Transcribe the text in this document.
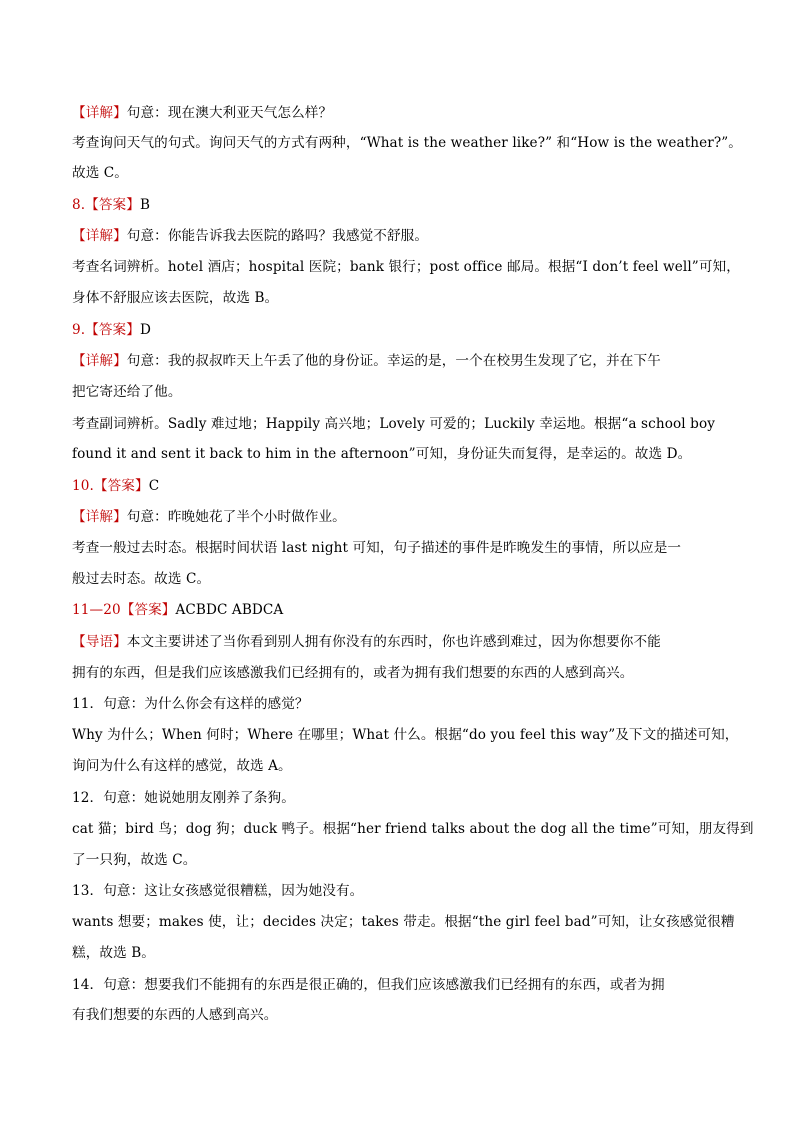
【详解】句意：现在澳大利亚天气怎么样？
考查询问天气的句式。询问天气的方式有两种，“What is the weather like?” 和“How is the weather?”。
故选 C。
8.【答案】B
【详解】句意：你能告诉我去医院的路吗？我感觉不舒服。
考查名词辨析。hotel 酒店；hospital 医院；bank 银行；post office 邮局。根据“I don’t feel well”可知，
身体不舒服应该去医院，故选 B。
9.【答案】D
【详解】句意：我的叔叔昨天上午丢了他的身份证。幸运的是，一个在校男生发现了它，并在下午
把它寄还给了他。
考查副词辨析。Sadly 难过地；Happily 高兴地；Lovely 可爱的；Luckily 幸运地。根据“a school boy
found it and sent it back to him in the afternoon”可知，身份证失而复得，是幸运的。故选 D。
10.【答案】C
【详解】句意：昨晚她花了半个小时做作业。
考查一般过去时态。根据时间状语 last night 可知，句子描述的事件是昨晚发生的事情，所以应是一
般过去时态。故选 C。
11—20【答案】ACBDC ABDCA
【导语】本文主要讲述了当你看到别人拥有你没有的东西时，你也许感到难过，因为你想要你不能
拥有的东西，但是我们应该感激我们已经拥有的，或者为拥有我们想要的东西的人感到高兴。
11．句意：为什么你会有这样的感觉？
Why 为什么；When 何时；Where 在哪里；What 什么。根据“do you feel this way”及下文的描述可知，
询问为什么有这样的感觉，故选 A。
12．句意：她说她朋友刚养了条狗。
cat 猫；bird 鸟；dog 狗；duck 鸭子。根据“her friend talks about the dog all the time”可知，朋友得到
了一只狗，故选 C。
13．句意：这让女孩感觉很糟糕，因为她没有。
wants 想要；makes 使，让；decides 决定；takes 带走。根据“the girl feel bad”可知，让女孩感觉很糟
糕，故选 B。
14．句意：想要我们不能拥有的东西是很正确的，但我们应该感激我们已经拥有的东西，或者为拥
有我们想要的东西的人感到高兴。
